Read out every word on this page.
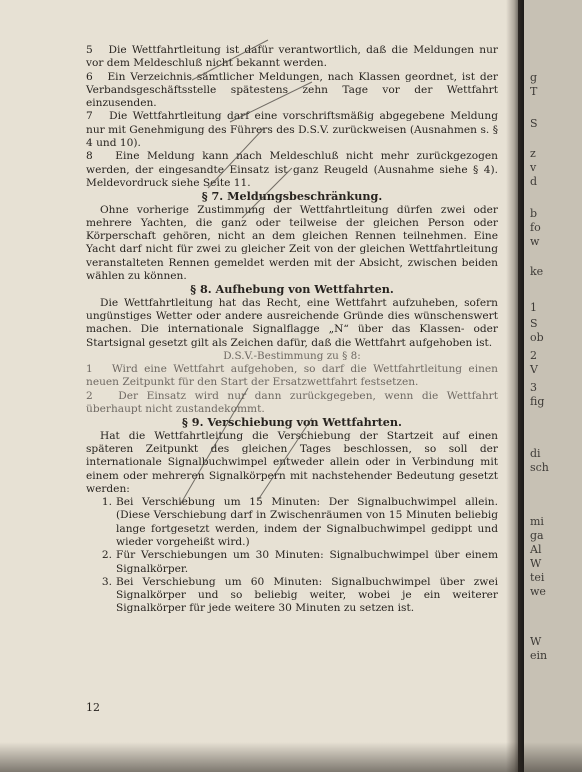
5 Die Wettfahrtleitung ist dafür verantwortlich, daß die Meldungen nur vor dem Meldeschluß nicht bekannt werden.

6 Ein Verzeichnis sämtlicher Meldungen, nach Klassen geordnet, ist der Verbandsgeschäftsstelle spätestens zehn Tage vor der Wettfahrt einzusenden.

7 Die Wettfahrtleitung darf eine vorschriftsmäßig abgegebene Meldung nur mit Genehmigung des Führers des D.S.V. zurückweisen (Ausnahmen s. § 4 und 10).

8 Eine Meldung kann nach Meldeschluß nicht mehr zurückgezogen werden, der eingesandte Einsatz ist ganz Reugeld (Ausnahme siehe § 4). Meldevordruck siehe Seite 11.

§ 7. Meldungsbeschränkung.

Ohne vorherige Zustimmung der Wettfahrtleitung dürfen zwei oder mehrere Yachten, die ganz oder teilweise der gleichen Person oder Körperschaft gehören, nicht an dem gleichen Rennen teilnehmen. Eine Yacht darf nicht für zwei zu gleicher Zeit von der gleichen Wettfahrtleitung veranstalteten Rennen gemeldet werden mit der Absicht, zwischen beiden wählen zu können.

§ 8. Aufhebung von Wettfahrten.

Die Wettfahrtleitung hat das Recht, eine Wettfahrt aufzuheben, sofern ungünstiges Wetter oder andere ausreichende Gründe dies wünschenswert machen. Die internationale Signalflagge „N“ über das Klassen- oder Startsignal gesetzt gilt als Zeichen dafür, daß die Wettfahrt aufgehoben ist.

D.S.V.-Bestimmung zu § 8:

1 Wird eine Wettfahrt aufgehoben, so darf die Wettfahrtleitung einen neuen Zeitpunkt für den Start der Ersatzwettfahrt festsetzen.

2 Der Einsatz wird nur dann zurückgegeben, wenn die Wettfahrt überhaupt nicht zustandekommt.

§ 9. Verschiebung von Wettfahrten.

Hat die Wettfahrtleitung die Verschiebung der Startzeit auf einen späteren Zeitpunkt des gleichen Tages beschlossen, so soll der internationale Signalbuchwimpel entweder allein oder in Verbindung mit einem oder mehreren Signalkörpern mit nachstehender Bedeutung gesetzt werden:

1. Bei Verschiebung um 15 Minuten: Der Signalbuchwimpel allein. (Diese Verschiebung darf in Zwischenräumen von 15 Minuten beliebig lange fortgesetzt werden, indem der Signalbuchwimpel gedippt und wieder vorgeheißt wird.)
2. Für Verschiebungen um 30 Minuten: Signalbuchwimpel über einem Signalkörper.
3. Bei Verschiebung um 60 Minuten: Signalbuchwimpel über zwei Signalkörper und so beliebig weiter, wobei je ein weiterer Signalkörper für jede weitere 30 Minuten zu setzen ist.
12
g
T
S
z
v
d
b
fo
w
ke
1
S
ob
2
V
3
fig
di
sch
mi
ga
Al
W
tei
we
W
ein
